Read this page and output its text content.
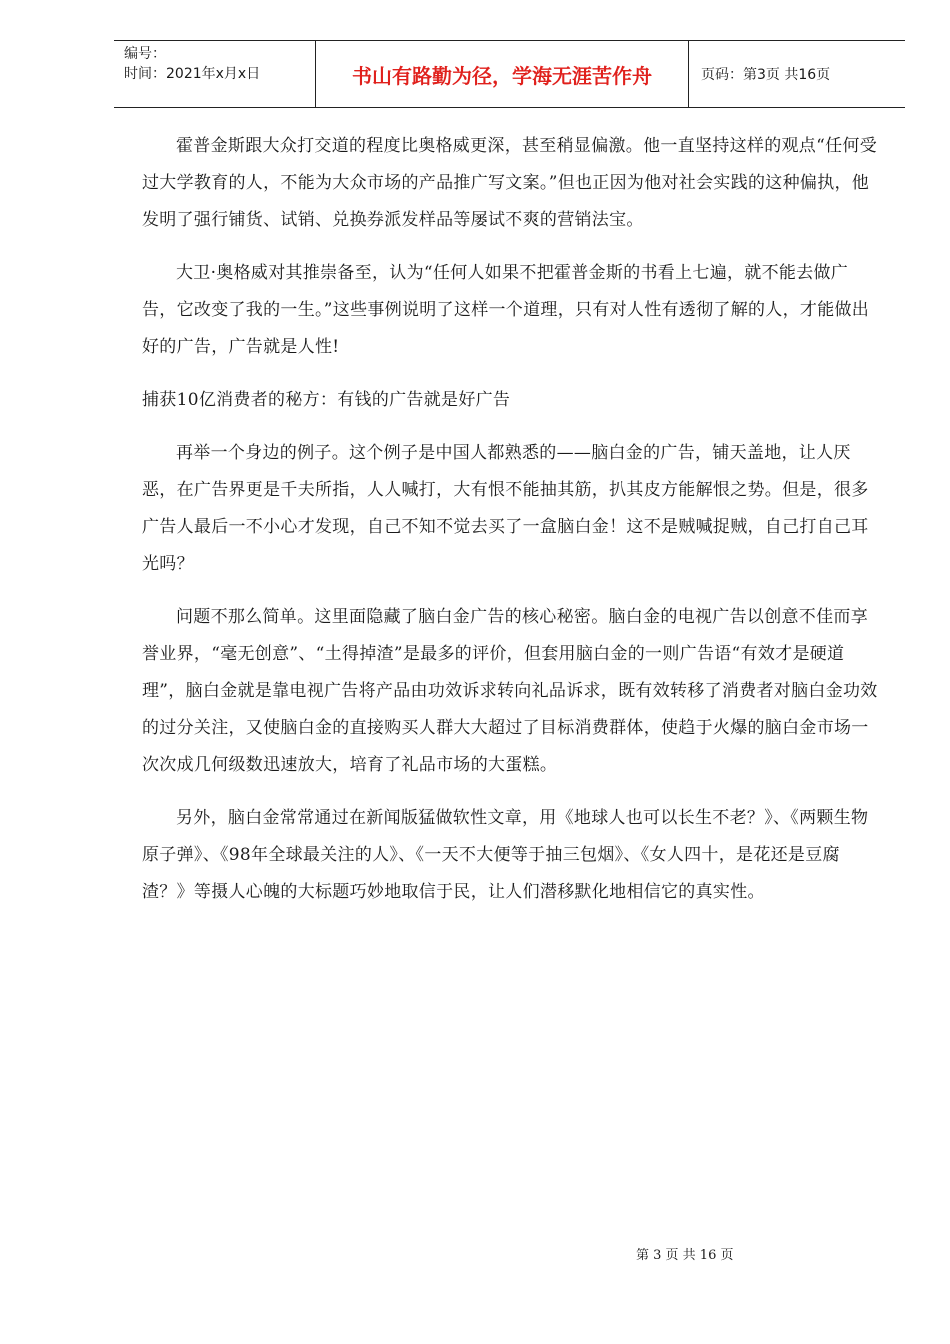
编号：
时间：2021年x月x日	书山有路勤为径，学海无涯苦作舟	页码：第3页 共16页

霍普金斯跟大众打交道的程度比奥格威更深，甚至稍显偏激。他一直坚持这样的观点“任何受过大学教育的人，不能为大众市场的产品推广写文案。”但也正因为他对社会实践的这种偏执，他发明了强行铺货、试销、兑换券派发样品等屡试不爽的营销法宝。

大卫·奥格威对其推崇备至，认为“任何人如果不把霍普金斯的书看上七遍，就不能去做广告，它改变了我的一生。”这些事例说明了这样一个道理，只有对人性有透彻了解的人，才能做出好的广告，广告就是人性!

捕获10亿消费者的秘方：有钱的广告就是好广告

再举一个身边的例子。这个例子是中国人都熟悉的——脑白金的广告，铺天盖地，让人厌恶，在广告界更是千夫所指，人人喊打，大有恨不能抽其筋，扒其皮方能解恨之势。但是，很多广告人最后一不小心才发现，自己不知不觉去买了一盒脑白金！这不是贼喊捉贼，自己打自己耳光吗？

问题不那么简单。这里面隐藏了脑白金广告的核心秘密。脑白金的电视广告以创意不佳而享誉业界，“毫无创意”、“土得掉渣”是最多的评价，但套用脑白金的一则广告语“有效才是硬道理”，脑白金就是靠电视广告将产品由功效诉求转向礼品诉求，既有效转移了消费者对脑白金功效的过分关注，又使脑白金的直接购买人群大大超过了目标消费群体，使趋于火爆的脑白金市场一次次成几何级数迅速放大，培育了礼品市场的大蛋糕。

另外，脑白金常常通过在新闻版猛做软性文章，用《地球人也可以长生不老？》、《两颗生物原子弹》、《98年全球最关注的人》、《一天不大便等于抽三包烟》、《女人四十，是花还是豆腐渣？》等摄人心魄的大标题巧妙地取信于民，让人们潜移默化地相信它的真实性。

第 3 页 共 16 页
